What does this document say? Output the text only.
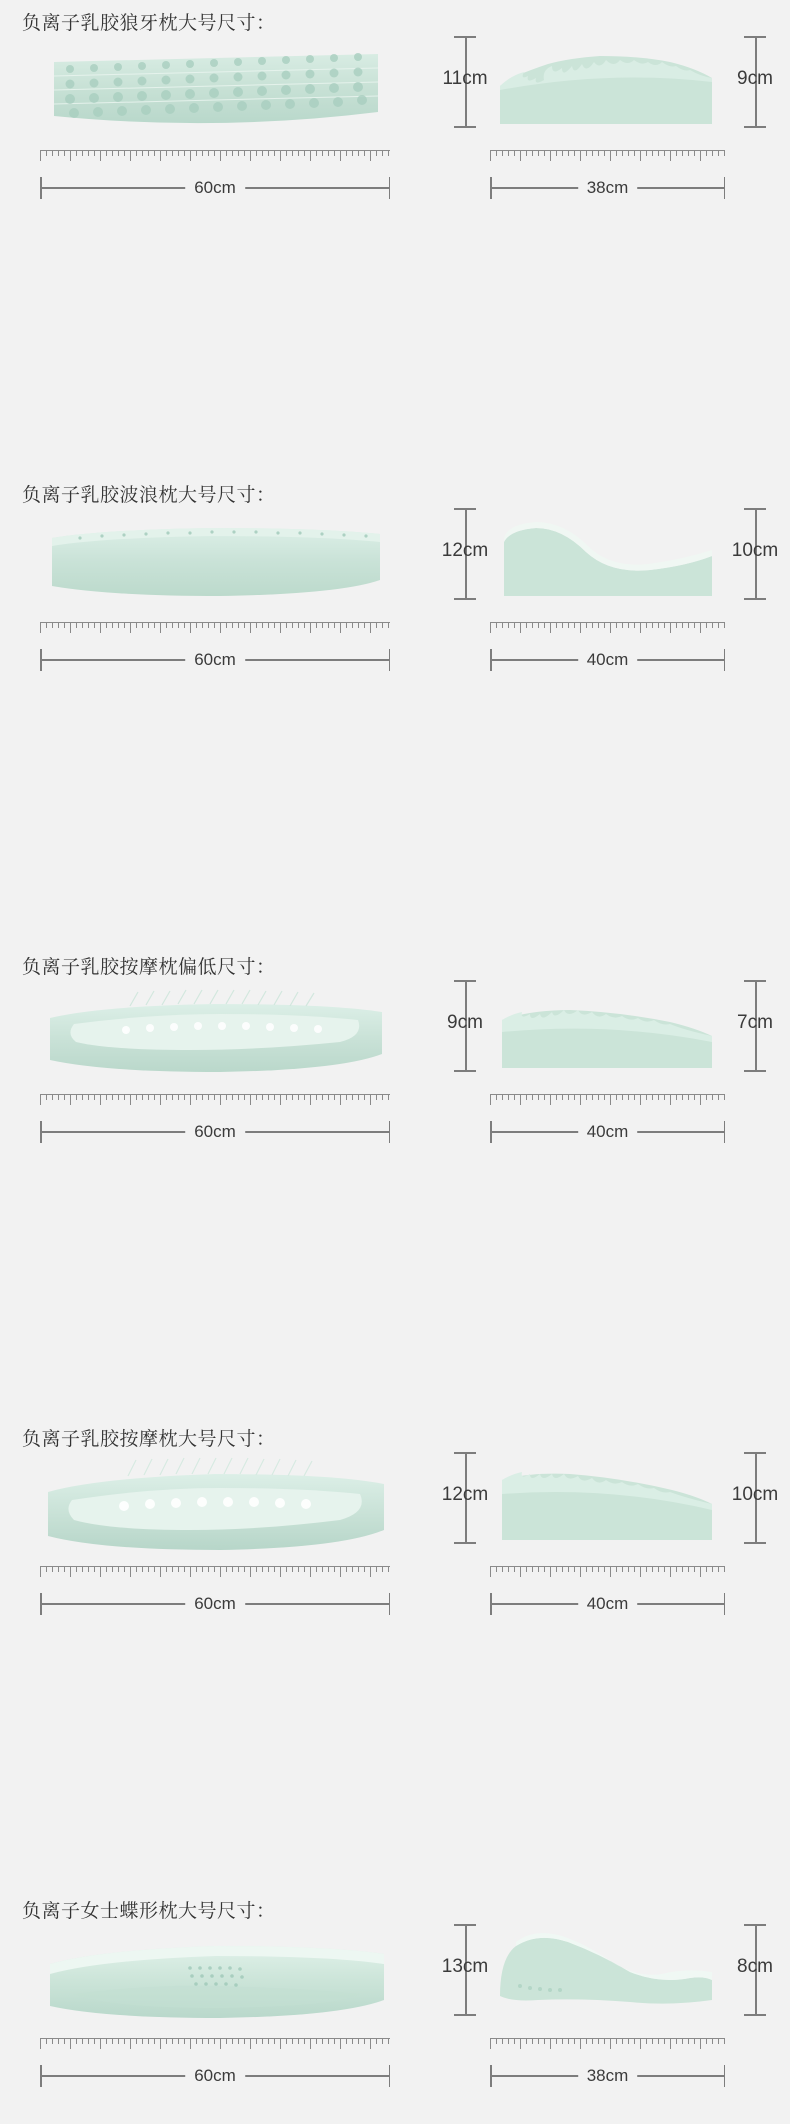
负离子乳胶狼牙枕大号尺寸：
60cm	38cm
11cm	9cm
负离子乳胶波浪枕大号尺寸：
60cm	40cm
12cm	10cm
负离子乳胶按摩枕偏低尺寸：
60cm	40cm
9cm	7cm
负离子乳胶按摩枕大号尺寸：
60cm	40cm
12cm	10cm
负离子女士蝶形枕大号尺寸：
60cm	38cm
13cm	8cm
